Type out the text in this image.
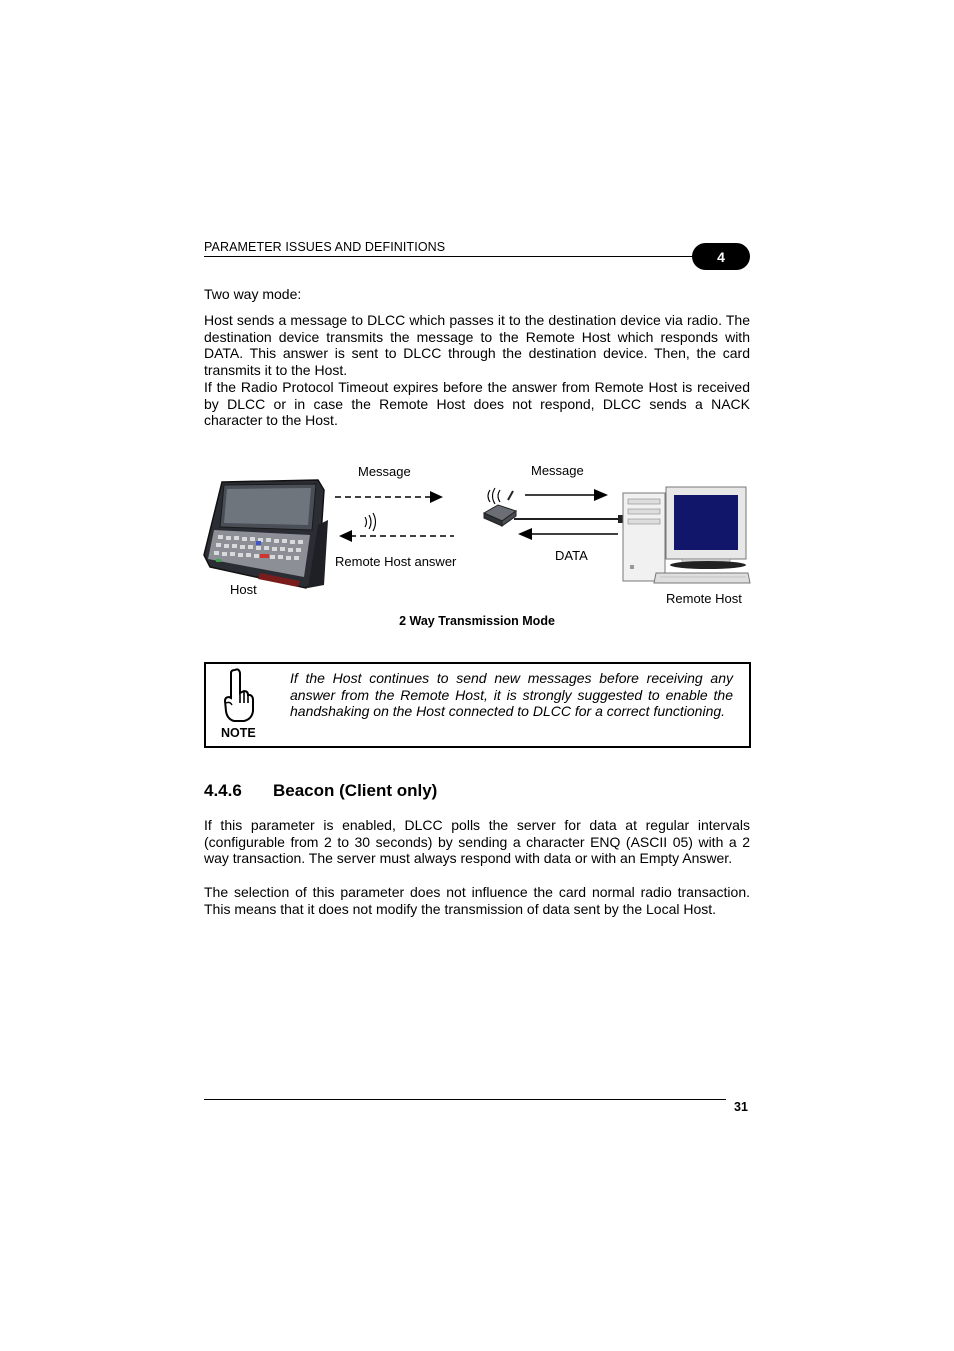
PARAMETER ISSUES AND DEFINITIONS
4

Two way mode:

Host sends a message to DLCC which passes it to the destination device via radio. The destination device transmits the message to the Remote Host which responds with DATA. This answer is sent to DLCC through the destination device. Then, the card transmits it to the Host.

If the Radio Protocol Timeout expires before the answer from Remote Host is received by DLCC or in case the Remote Host does not respond, DLCC sends a NACK character to the Host.

Message	Message
Remote Host answer	DATA
Host
Remote Host
2 Way Transmission Mode
NOTE

If the Host continues to send new messages before receiving any answer from the Remote Host, it is strongly suggested to enable the handshaking on the Host connected to DLCC for a correct functioning.

4.4.6 Beacon (Client only)

If this parameter is enabled, DLCC polls the server for data at regular intervals (configurable from 2 to 30 seconds) by sending a character ENQ (ASCII 05) with a 2 way transaction. The server must always respond with data or with an Empty Answer.

The selection of this parameter does not influence the card normal radio transaction. This means that it does not modify the transmission of data sent by the Local Host.

31
